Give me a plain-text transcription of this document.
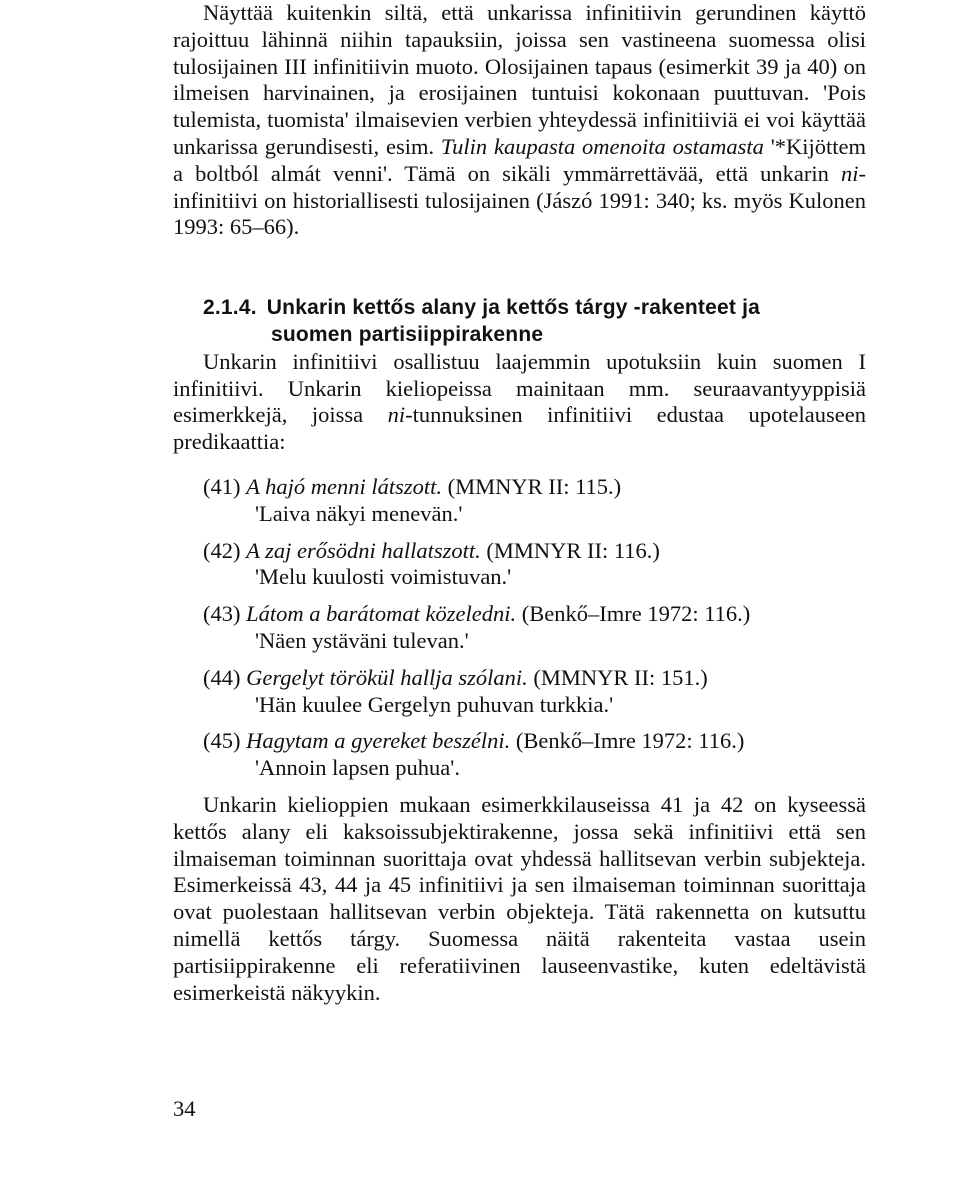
Näyttää kuitenkin siltä, että unkarissa infinitiivin gerundinen käyttö rajoittuu lähinnä niihin tapauksiin, joissa sen vastineena suomessa olisi tulosijainen III infinitiivin muoto. Olosijainen tapaus (esimerkit 39 ja 40) on ilmeisen harvinainen, ja erosijainen tuntuisi kokonaan puuttuvan. 'Pois tulemista, tuomista' ilmaisevien verbien yhteydessä infinitiiviä ei voi käyttää unkarissa gerundisesti, esim. Tulin kaupasta omenoita ostamasta '*Kijöttem a boltból almát venni'. Tämä on sikäli ymmärrettävää, että unkarin ni-infinitiivi on historiallisesti tulosijainen (Jászó 1991: 340; ks. myös Kulonen 1993: 65–66).

2.1.4. Unkarin kettős alany ja kettős tárgy -rakenteet ja
suomen partisiippirakenne

Unkarin infinitiivi osallistuu laajemmin upotuksiin kuin suomen I infinitiivi. Unkarin kieliopeissa mainitaan mm. seuraavantyyppisiä esimerkkejä, joissa ni-tunnuksinen infinitiivi edustaa upotelauseen predikaattia:

(41) A hajó menni látszott. (MMNYR II: 115.)
'Laiva näkyi menevän.'
(42) A zaj erősödni hallatszott. (MMNYR II: 116.)
'Melu kuulosti voimistuvan.'
(43) Látom a barátomat közeledni. (Benkő–Imre 1972: 116.)
'Näen ystäväni tulevan.'
(44) Gergelyt törökül hallja szólani. (MMNYR II: 151.)
'Hän kuulee Gergelyn puhuvan turkkia.'
(45) Hagytam a gyereket beszélni. (Benkő–Imre 1972: 116.)
'Annoin lapsen puhua'.

Unkarin kielioppien mukaan esimerkkilauseissa 41 ja 42 on kyseessä kettős alany eli kaksoissubjektirakenne, jossa sekä infinitiivi että sen ilmaiseman toiminnan suorittaja ovat yhdessä hallitsevan verbin subjekteja. Esimerkeissä 43, 44 ja 45 infinitiivi ja sen ilmaiseman toiminnan suorittaja ovat puolestaan hallitsevan verbin objekteja. Tätä rakennetta on kutsuttu nimellä kettős tárgy. Suomessa näitä rakenteita vastaa usein partisiippirakenne eli referatiivinen lauseenvastike, kuten edeltävistä esimerkeistä näkyykin.

34
